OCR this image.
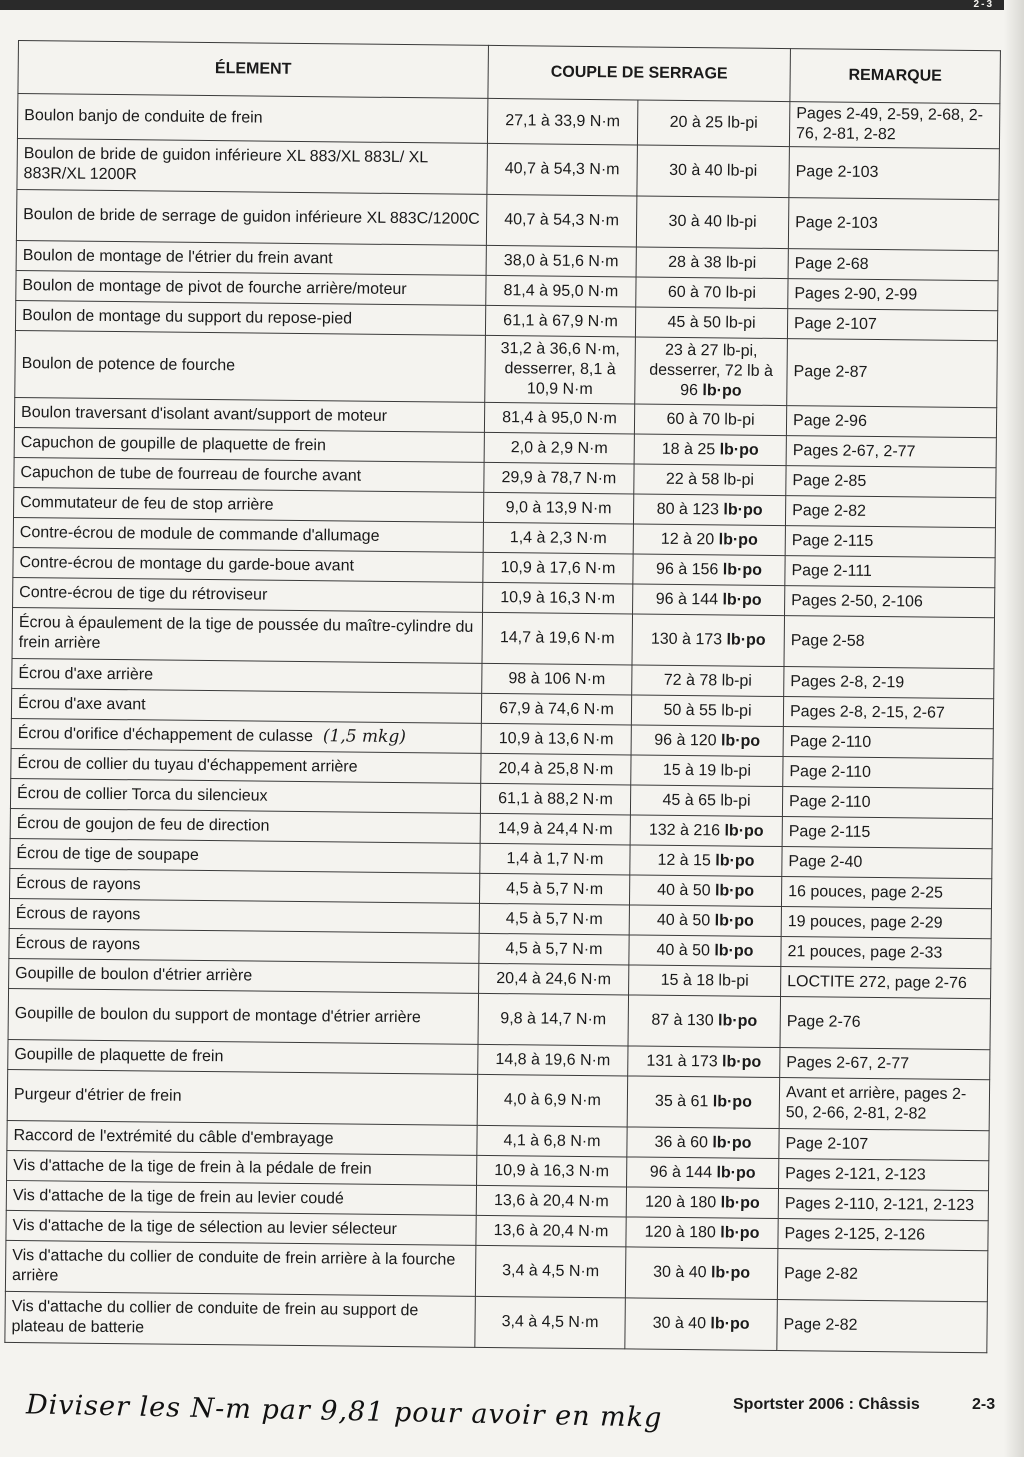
2-3
ÉLEMENT	COUPLE DE SERRAGE		REMARQUE
Boulon banjo de conduite de frein	27,1 à 33,9 N·m	20 à 25 lb-pi	Pages 2-49, 2-59, 2-68, 2-76, 2-81, 2-82
Boulon de bride de guidon inférieure XL 883/XL 883L/ XL 883R/XL 1200R	40,7 à 54,3 N·m	30 à 40 lb-pi	Page 2-103
Boulon de bride de serrage de guidon inférieure XL 883C/1200C	40,7 à 54,3 N·m	30 à 40 lb-pi	Page 2-103
Boulon de montage de l'étrier du frein avant	38,0 à 51,6 N·m	28 à 38 lb-pi	Page 2-68
Boulon de montage de pivot de fourche arrière/moteur	81,4 à 95,0 N·m	60 à 70 lb-pi	Pages 2-90, 2-99
Boulon de montage du support du repose-pied	61,1 à 67,9 N·m	45 à 50 lb-pi	Page 2-107
Boulon de potence de fourche	31,2 à 36,6 N·m, desserrer, 8,1 à 10,9 N·m	23 à 27 lb-pi, desserrer, 72 lb à 96 lb·po	Page 2-87
Boulon traversant d'isolant avant/support de moteur	81,4 à 95,0 N·m	60 à 70 lb-pi	Page 2-96
Capuchon de goupille de plaquette de frein	2,0 à 2,9 N·m	18 à 25 lb·po	Pages 2-67, 2-77
Capuchon de tube de fourreau de fourche avant	29,9 à 78,7 N·m	22 à 58 lb-pi	Page 2-85
Commutateur de feu de stop arrière	9,0 à 13,9 N·m	80 à 123 lb·po	Page 2-82
Contre-écrou de module de commande d'allumage	1,4 à 2,3 N·m	12 à 20 lb·po	Page 2-115
Contre-écrou de montage du garde-boue avant	10,9 à 17,6 N·m	96 à 156 lb·po	Page 2-111
Contre-écrou de tige du rétroviseur	10,9 à 16,3 N·m	96 à 144 lb·po	Pages 2-50, 2-106
Écrou à épaulement de la tige de poussée du maître-cylindre du frein arrière	14,7 à 19,6 N·m	130 à 173 lb·po	Page 2-58
Écrou d'axe arrière	98 à 106 N·m	72 à 78 lb-pi	Pages 2-8, 2-19
Écrou d'axe avant	67,9 à 74,6 N·m	50 à 55 lb-pi	Pages 2-8, 2-15, 2-67
Écrou d'orifice d'échappement de culasse (1,5 mkg)	10,9 à 13,6 N·m	96 à 120 lb·po	Page 2-110
Écrou de collier du tuyau d'échappement arrière	20,4 à 25,8 N·m	15 à 19 lb-pi	Page 2-110
Écrou de collier Torca du silencieux	61,1 à 88,2 N·m	45 à 65 lb-pi	Page 2-110
Écrou de goujon de feu de direction	14,9 à 24,4 N·m	132 à 216 lb·po	Page 2-115
Écrou de tige de soupape	1,4 à 1,7 N·m	12 à 15 lb·po	Page 2-40
Écrous de rayons	4,5 à 5,7 N·m	40 à 50 lb·po	16 pouces, page 2-25
Écrous de rayons	4,5 à 5,7 N·m	40 à 50 lb·po	19 pouces, page 2-29
Écrous de rayons	4,5 à 5,7 N·m	40 à 50 lb·po	21 pouces, page 2-33
Goupille de boulon d'étrier arrière	20,4 à 24,6 N·m	15 à 18 lb-pi	LOCTITE 272, page 2-76
Goupille de boulon du support de montage d'étrier arrière	9,8 à 14,7 N·m	87 à 130 lb·po	Page 2-76
Goupille de plaquette de frein	14,8 à 19,6 N·m	131 à 173 lb·po	Pages 2-67, 2-77
Purgeur d'étrier de frein	4,0 à 6,9 N·m	35 à 61 lb·po	Avant et arrière, pages 2-50, 2-66, 2-81, 2-82
Raccord de l'extrémité du câble d'embrayage	4,1 à 6,8 N·m	36 à 60 lb·po	Page 2-107
Vis d'attache de la tige de frein à la pédale de frein	10,9 à 16,3 N·m	96 à 144 lb·po	Pages 2-121, 2-123
Vis d'attache de la tige de frein au levier coudé	13,6 à 20,4 N·m	120 à 180 lb·po	Pages 2-110, 2-121, 2-123
Vis d'attache de la tige de sélection au levier sélecteur	13,6 à 20,4 N·m	120 à 180 lb·po	Pages 2-125, 2-126
Vis d'attache du collier de conduite de frein arrière à la fourche arrière	3,4 à 4,5 N·m	30 à 40 lb·po	Page 2-82
Vis d'attache du collier de conduite de frein au support de plateau de batterie	3,4 à 4,5 N·m	30 à 40 lb·po	Page 2-82
Diviser les N-m par 9,81 pour avoir en mkg	Sportster 2006 : Châssis	2-3
